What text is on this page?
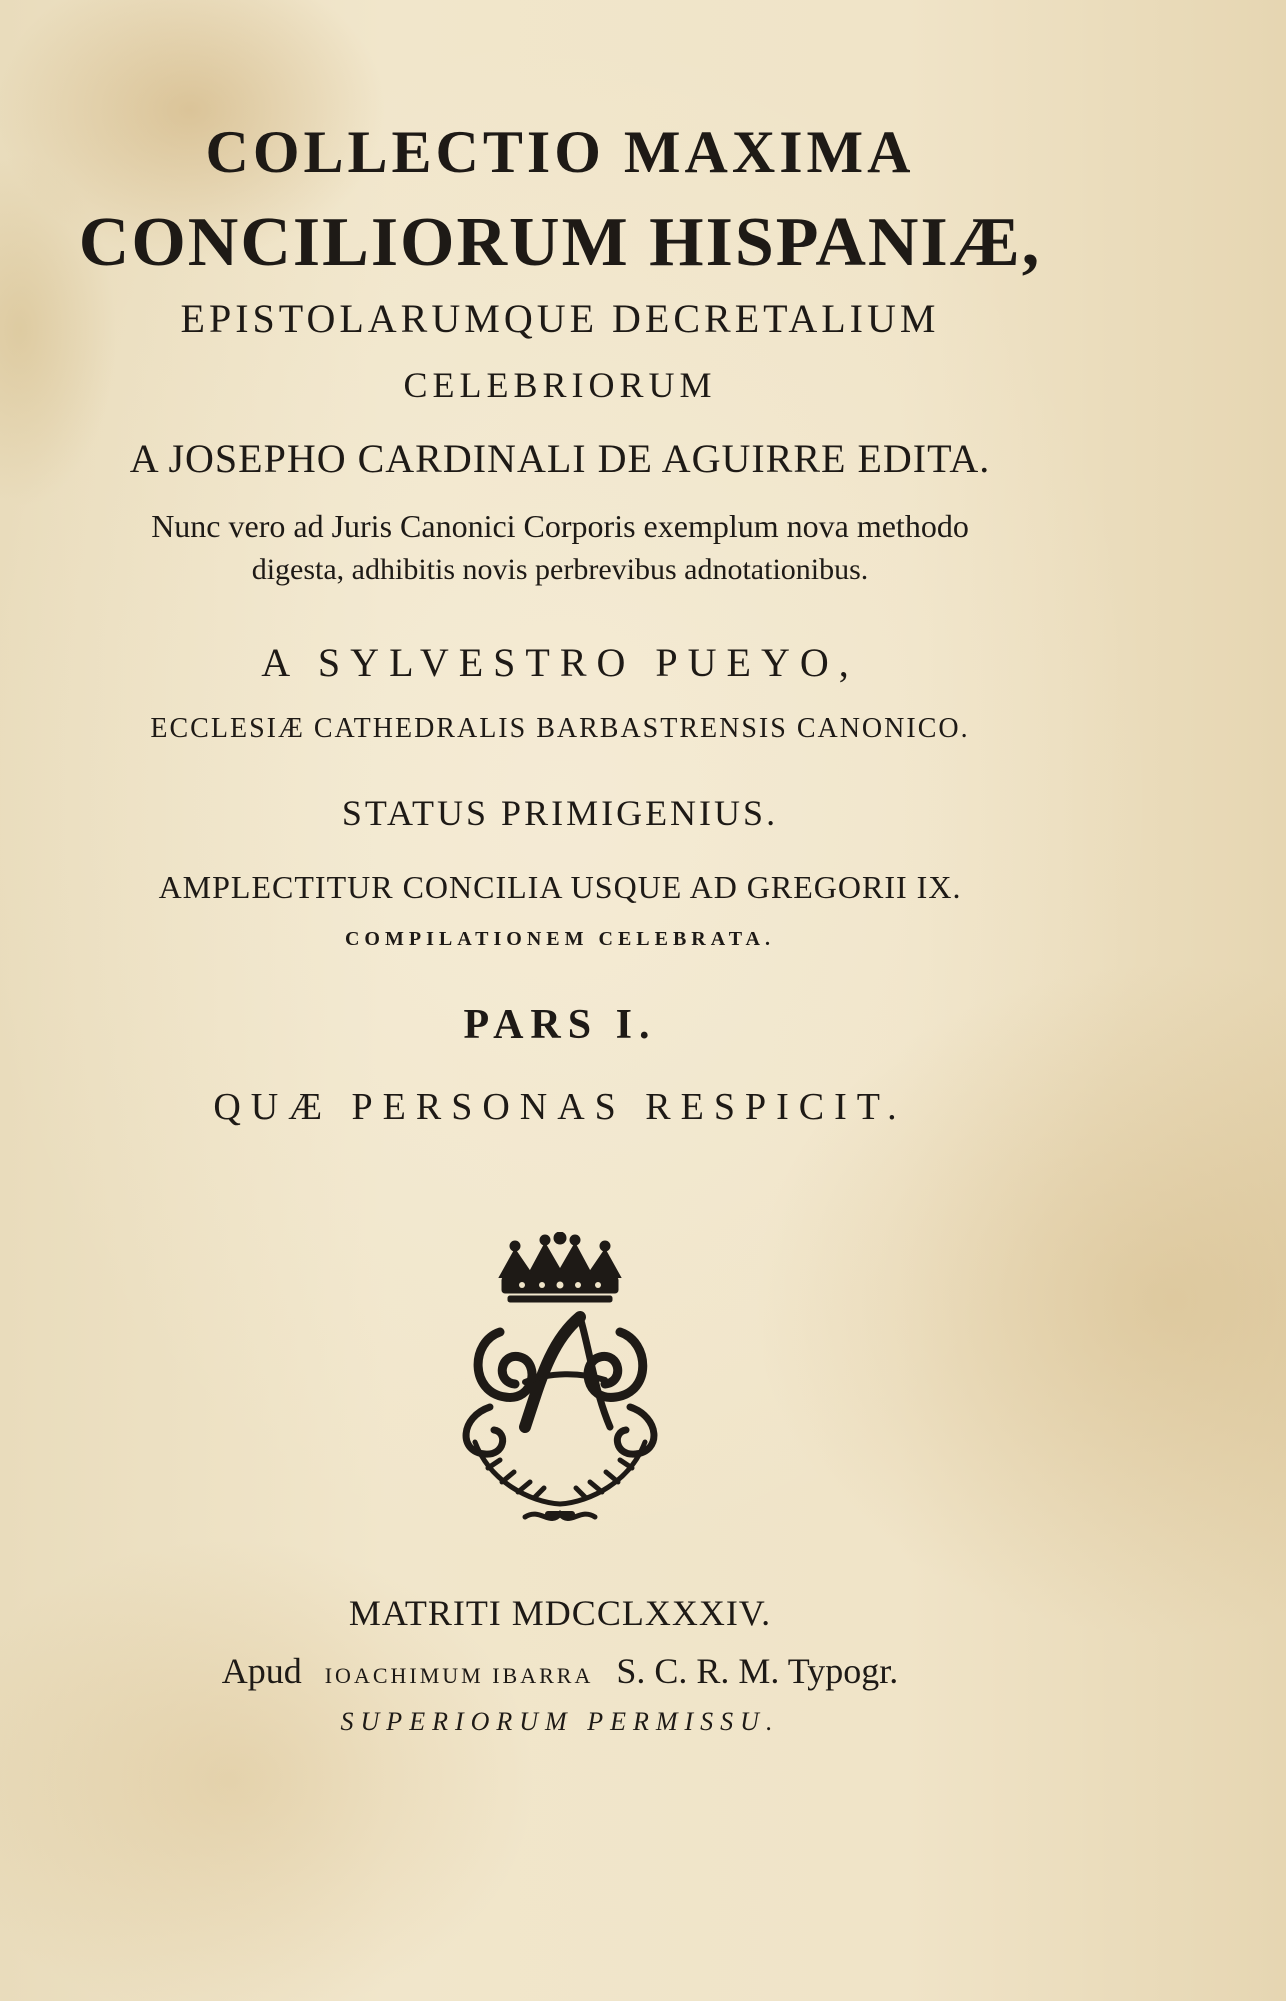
COLLECTIO MAXIMA
CONCILIORUM HISPANIÆ,
EPISTOLARUMQUE DECRETALIUM
CELEBRIORUM
A JOSEPHO CARDINALI DE AGUIRRE EDITA.
Nunc vero ad Juris Canonici Corporis exemplum nova methodo
digesta, adhibitis novis perbrevibus adnotationibus.
A SYLVESTRO PUEYO,
ECCLESIÆ CATHEDRALIS BARBASTRENSIS CANONICO.
STATUS PRIMIGENIUS.
AMPLECTITUR CONCILIA USQUE AD GREGORII IX.
COMPILATIONEM CELEBRATA.
PARS I.
QUÆ PERSONAS RESPICIT.
MATRITI MDCCLXXXIV.
Apud IOACHIMUM IBARRA S. C. R. M. Typogr.
SUPERIORUM PERMISSU.
